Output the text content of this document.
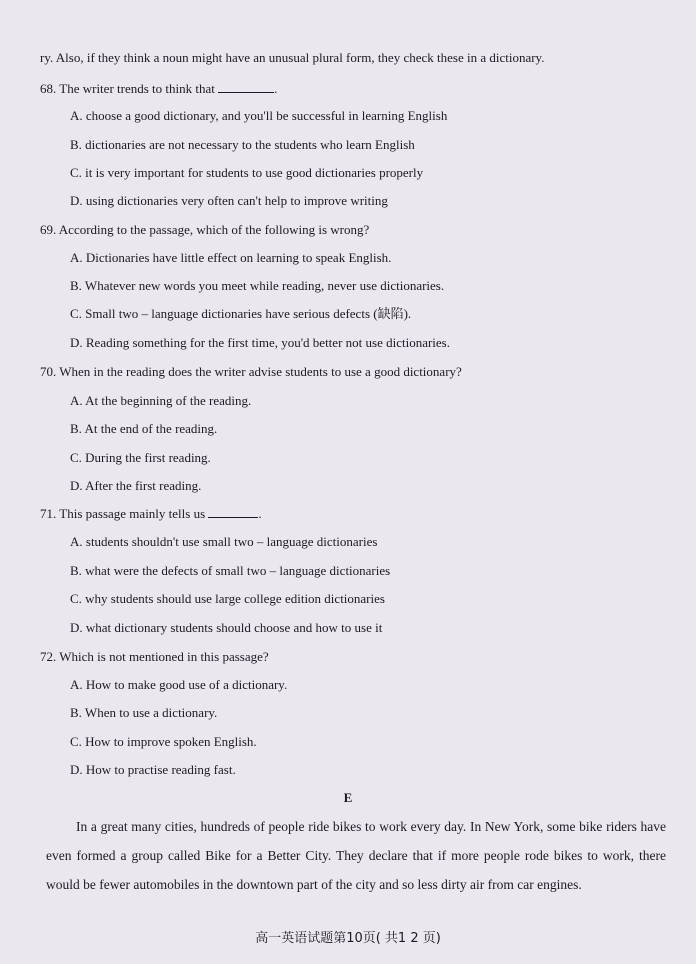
ry. Also, if they think a noun might have an unusual plural form, they check these in a dictionary.
68. The writer trends to think that	.
A. choose a good dictionary, and you'll be successful in learning English
B. dictionaries are not necessary to the students who learn English
C. it is very important for students to use good dictionaries properly
D. using dictionaries very often can't help to improve writing
69. According to the passage, which of the following is wrong?
A. Dictionaries have little effect on learning to speak English.
B. Whatever new words you meet while reading, never use dictionaries.
C. Small two – language dictionaries have serious defects (缺陷).
D. Reading something for the first time, you'd better not use dictionaries.
70. When in the reading does the writer advise students to use a good dictionary?
A. At the beginning of the reading.
B. At the end of the reading.
C. During the first reading.
D. After the first reading.
71. This passage mainly tells us	.
A. students shouldn't use small two – language dictionaries
B. what were the defects of small two – language dictionaries
C. why students should use large college edition dictionaries
D. what dictionary students should choose and how to use it
72. Which is not mentioned in this passage?
A. How to make good use of a dictionary.
B. When to use a dictionary.
C. How to improve spoken English.
D. How to practise reading fast.
E
In a great many cities, hundreds of people ride bikes to work every day. In New York, some bike riders have even formed a group called Bike for a Better City. They declare that if more people rode bikes to work, there would be fewer automobiles in the downtown part of the city and so less dirty air from car engines.
高一英语试题第10页( 共1 2 页)
